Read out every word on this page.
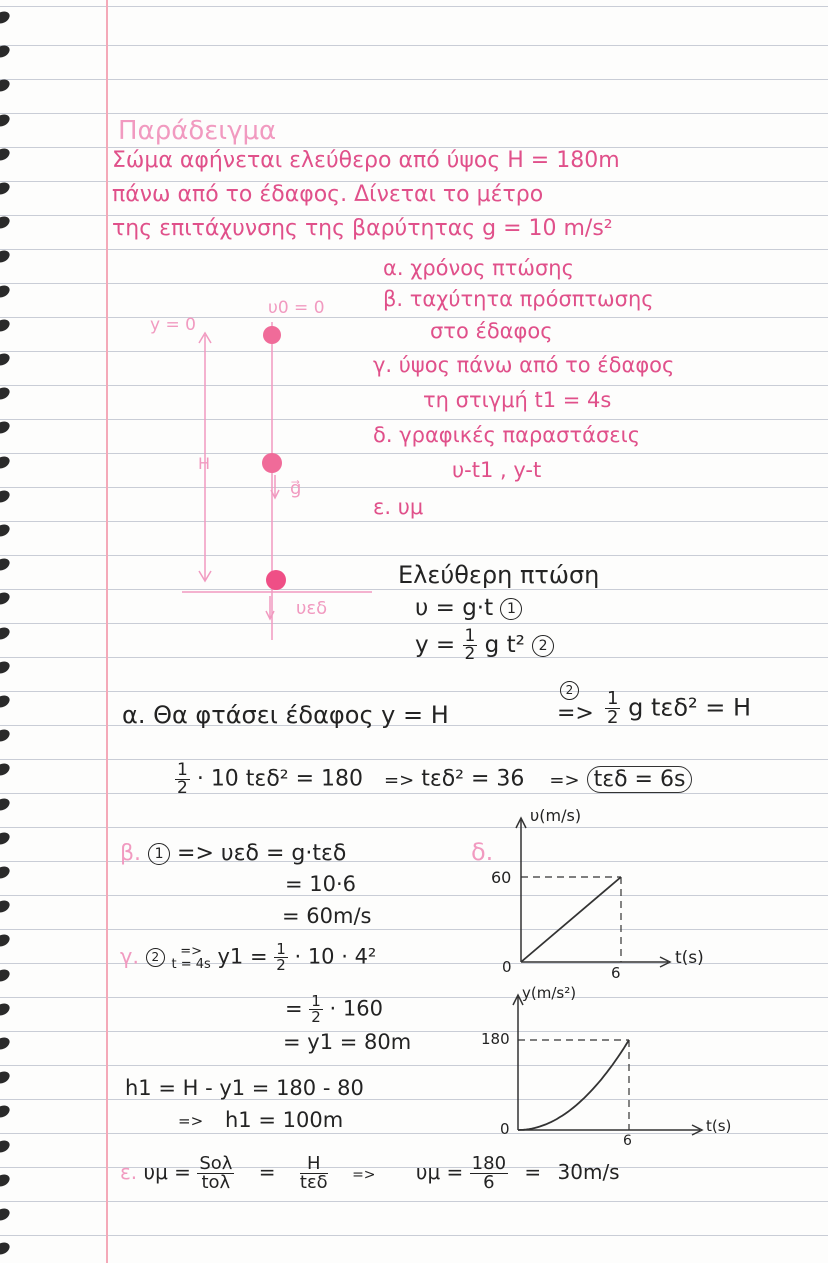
Παράδειγμα
Σώμα αφήνεται ελεύθερο από ύψος H = 180m
πάνω από το έδαφος. Δίνεται το μέτρο
της επιτάχυνσης της βαρύτητας g = 10 m/s²
α. χρόνος πτώσης
β. ταχύτητα πρόσπτωσης
στο έδαφος
γ. ύψος πάνω από το έδαφος
τη στιγμή t1 = 4s
δ. γραφικές παραστάσεις
υ-t1 , y-t
ε. υμ
y = 0
υ0 = 0
H
g⃗
υεδ
Ελεύθερη πτώση
υ = g·t 1
$y = \frac{1}{2}$ g t² 2
α. Θα φτάσει έδαφος y = H
2
=> $\frac{1}{2}$ g tεδ² = H
$\frac{1}{2} \cdot 10$ tεδ² = 180 => tεδ² = 36 => tεδ = 6s
β. 1 => υεδ = g·tεδ
= 10·6
= 60m/s
γ. 2	=>
t = 4s $y1 = \frac{1}{2} \cdot 10 \cdot 4^2$
= $\frac{1}{2} \cdot 160$
= y1 = 80m
h1 = H - y1 = 180 - 80
=> h1 = 100m
ε. $\upsilon\mu = \frac{\text{Sολ}}{\text{tολ}} = \frac{H}{\text{tεδ}} => \upsilon\mu = \frac{180}{6} = 30m/s$
δ.
υ(m/s)
t(s)
60
6
0
y(m/s²)
t(s)
180
6
0
